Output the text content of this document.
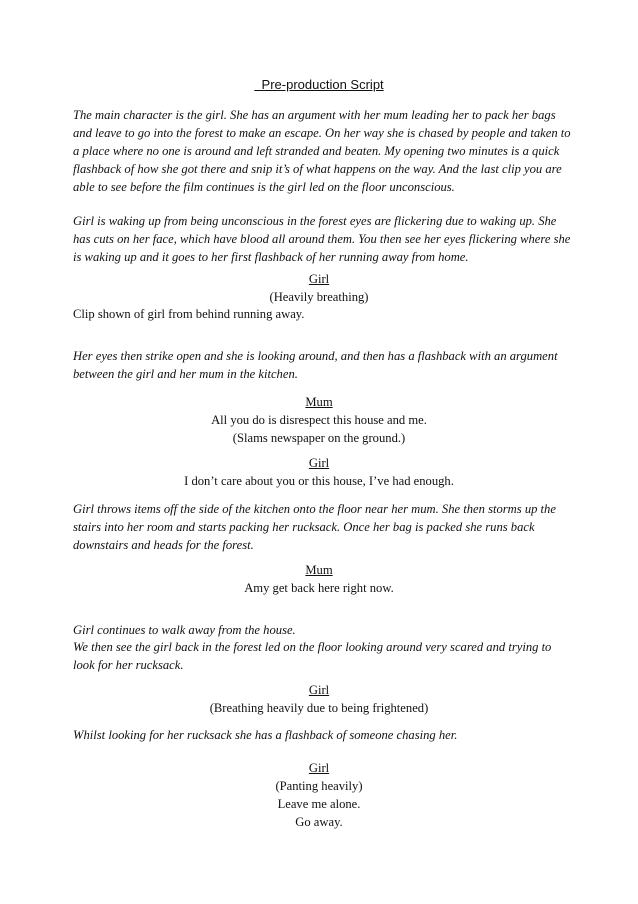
Pre-production Script

The main character is the girl. She has an argument with her mum leading her to pack her bags and leave to go into the forest to make an escape. On her way she is chased by people and taken to a place where no one is around and left stranded and beaten. My opening two minutes is a quick flashback of how she got there and snip it’s of what happens on the way. And the last clip you are able to see before the film continues is the girl led on the floor unconscious.

Girl is waking up from being unconscious in the forest eyes are flickering due to waking up. She has cuts on her face, which have blood all around them. You then see her eyes flickering where she is waking up and it goes to her first flashback of her running away from home.

Girl
(Heavily breathing)

Clip shown of girl from behind running away.

Her eyes then strike open and she is looking around, and then has a flashback with an argument between the girl and her mum in the kitchen.

Mum
All you do is disrespect this house and me.
(Slams newspaper on the ground.)
Girl
I don’t care about you or this house, I’ve had enough.

Girl throws items off the side of the kitchen onto the floor near her mum. She then storms up the stairs into her room and starts packing her rucksack. Once her bag is packed she runs back downstairs and heads for the forest.

Mum
Amy get back here right now.

Girl continues to walk away from the house.

We then see the girl back in the forest led on the floor looking around very scared and trying to look for her rucksack.

Girl
(Breathing heavily due to being frightened)

Whilst looking for her rucksack she has a flashback of someone chasing her.

Girl
(Panting heavily)
Leave me alone.
Go away.
